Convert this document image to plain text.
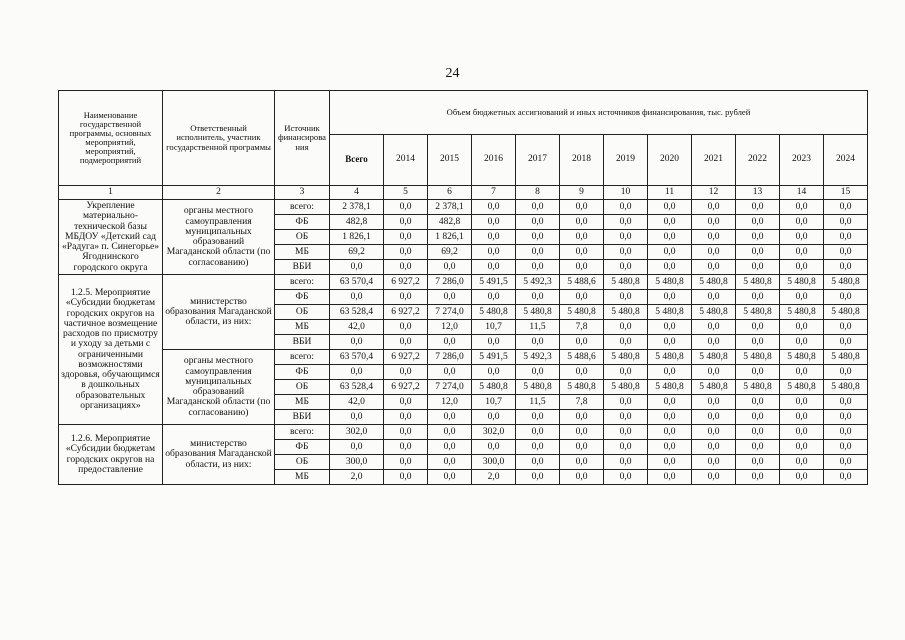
24
Наименование государственной программы, основных мероприятий, мероприятий, подмероприятий	Ответственный исполнитель, участник государственной программы	Источник финансирова ния	Объем бюджетных ассигнований и иных источников финансирования, тыс. рублей											
			Всего	2014	2015	2016	2017	2018	2019	2020	2021	2022	2023	2024
1	2	3	4	5	6	7	8	9	10	11	12	13	14	15
Укрепление материально-технической базы МБДОУ «Детский сад «Радуга» п. Синегорье» Ягоднинского городского округа	органы местного самоуправления муниципальных образований Магаданской области (по согласованию)	всего:	2 378,1	0,0	2 378,1	0,0	0,0	0,0	0,0	0,0	0,0	0,0	0,0	0,0
		ФБ	482,8	0,0	482,8	0,0	0,0	0,0	0,0	0,0	0,0	0,0	0,0	0,0
		ОБ	1 826,1	0,0	1 826,1	0,0	0,0	0,0	0,0	0,0	0,0	0,0	0,0	0,0
		МБ	69,2	0,0	69,2	0,0	0,0	0,0	0,0	0,0	0,0	0,0	0,0	0,0
		ВБИ	0,0	0,0	0,0	0,0	0,0	0,0	0,0	0,0	0,0	0,0	0,0	0,0
1.2.5. Мероприятие «Субсидии бюджетам городских округов на частичное возмещение расходов по присмотру и уходу за детьми с ограниченными возможностями здоровья, обучающимся в дошкольных образовательных организациях»	министерство образования Магаданской области, из них:	всего:	63 570,4	6 927,2	7 286,0	5 491,5	5 492,3	5 488,6	5 480,8	5 480,8	5 480,8	5 480,8	5 480,8	5 480,8
		ФБ	0,0	0,0	0,0	0,0	0,0	0,0	0,0	0,0	0,0	0,0	0,0	0,0
		ОБ	63 528,4	6 927,2	7 274,0	5 480,8	5 480,8	5 480,8	5 480,8	5 480,8	5 480,8	5 480,8	5 480,8	5 480,8
		МБ	42,0	0,0	12,0	10,7	11,5	7,8	0,0	0,0	0,0	0,0	0,0	0,0
		ВБИ	0,0	0,0	0,0	0,0	0,0	0,0	0,0	0,0	0,0	0,0	0,0	0,0
	органы местного самоуправления муниципальных образований Магаданской области (по согласованию)	всего:	63 570,4	6 927,2	7 286,0	5 491,5	5 492,3	5 488,6	5 480,8	5 480,8	5 480,8	5 480,8	5 480,8	5 480,8
		ФБ	0,0	0,0	0,0	0,0	0,0	0,0	0,0	0,0	0,0	0,0	0,0	0,0
		ОБ	63 528,4	6 927,2	7 274,0	5 480,8	5 480,8	5 480,8	5 480,8	5 480,8	5 480,8	5 480,8	5 480,8	5 480,8
		МБ	42,0	0,0	12,0	10,7	11,5	7,8	0,0	0,0	0,0	0,0	0,0	0,0
		ВБИ	0,0	0,0	0,0	0,0	0,0	0,0	0,0	0,0	0,0	0,0	0,0	0,0
1.2.6. Мероприятие «Субсидии бюджетам городских округов на предоставление	министерство образования Магаданской области, из них:	всего:	302,0	0,0	0,0	302,0	0,0	0,0	0,0	0,0	0,0	0,0	0,0	0,0
		ФБ	0,0	0,0	0,0	0,0	0,0	0,0	0,0	0,0	0,0	0,0	0,0	0,0
		ОБ	300,0	0,0	0,0	300,0	0,0	0,0	0,0	0,0	0,0	0,0	0,0	0,0
		МБ	2,0	0,0	0,0	2,0	0,0	0,0	0,0	0,0	0,0	0,0	0,0	0,0
